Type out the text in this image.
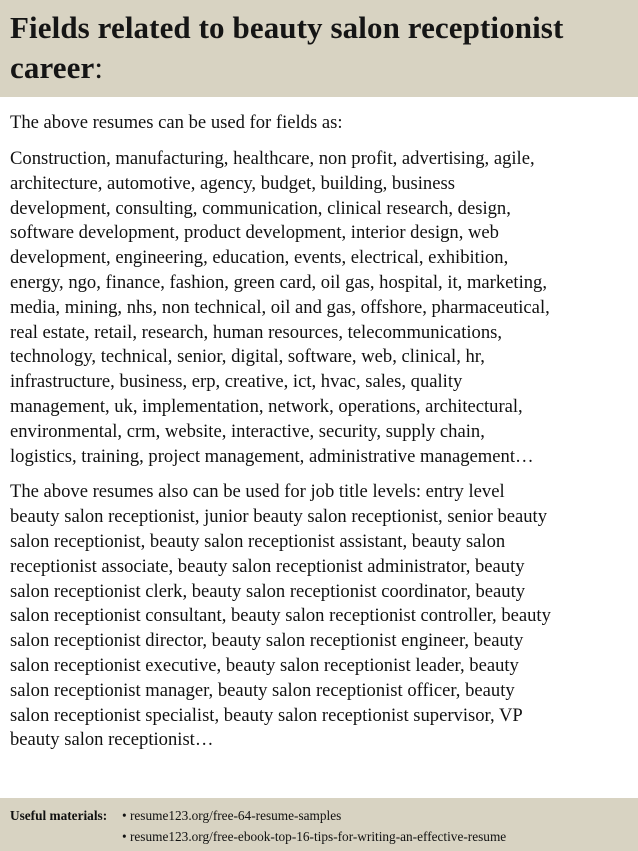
Fields related to beauty salon receptionist career:

The above resumes can be used for fields as:

Construction, manufacturing, healthcare, non profit, advertising, agile,
architecture, automotive, agency, budget, building, business
development, consulting, communication, clinical research, design,
software development, product development, interior design, web
development, engineering, education, events, electrical, exhibition,
energy, ngo, finance, fashion, green card, oil gas, hospital, it, marketing,
media, mining, nhs, non technical, oil and gas, offshore, pharmaceutical,
real estate, retail, research, human resources, telecommunications,
technology, technical, senior, digital, software, web, clinical, hr,
infrastructure, business, erp, creative, ict, hvac, sales, quality
management, uk, implementation, network, operations, architectural,
environmental, crm, website, interactive, security, supply chain,
logistics, training, project management, administrative management…

The above resumes also can be used for job title levels: entry level
beauty salon receptionist, junior beauty salon receptionist, senior beauty
salon receptionist, beauty salon receptionist assistant, beauty salon
receptionist associate, beauty salon receptionist administrator, beauty
salon receptionist clerk, beauty salon receptionist coordinator, beauty
salon receptionist consultant, beauty salon receptionist controller, beauty
salon receptionist director, beauty salon receptionist engineer, beauty
salon receptionist executive, beauty salon receptionist leader, beauty
salon receptionist manager, beauty salon receptionist officer, beauty
salon receptionist specialist, beauty salon receptionist supervisor, VP
beauty salon receptionist…

Useful materials:	• resume123.org/free-64-resume-samples
• resume123.org/free-ebook-top-16-tips-for-writing-an-effective-resume
